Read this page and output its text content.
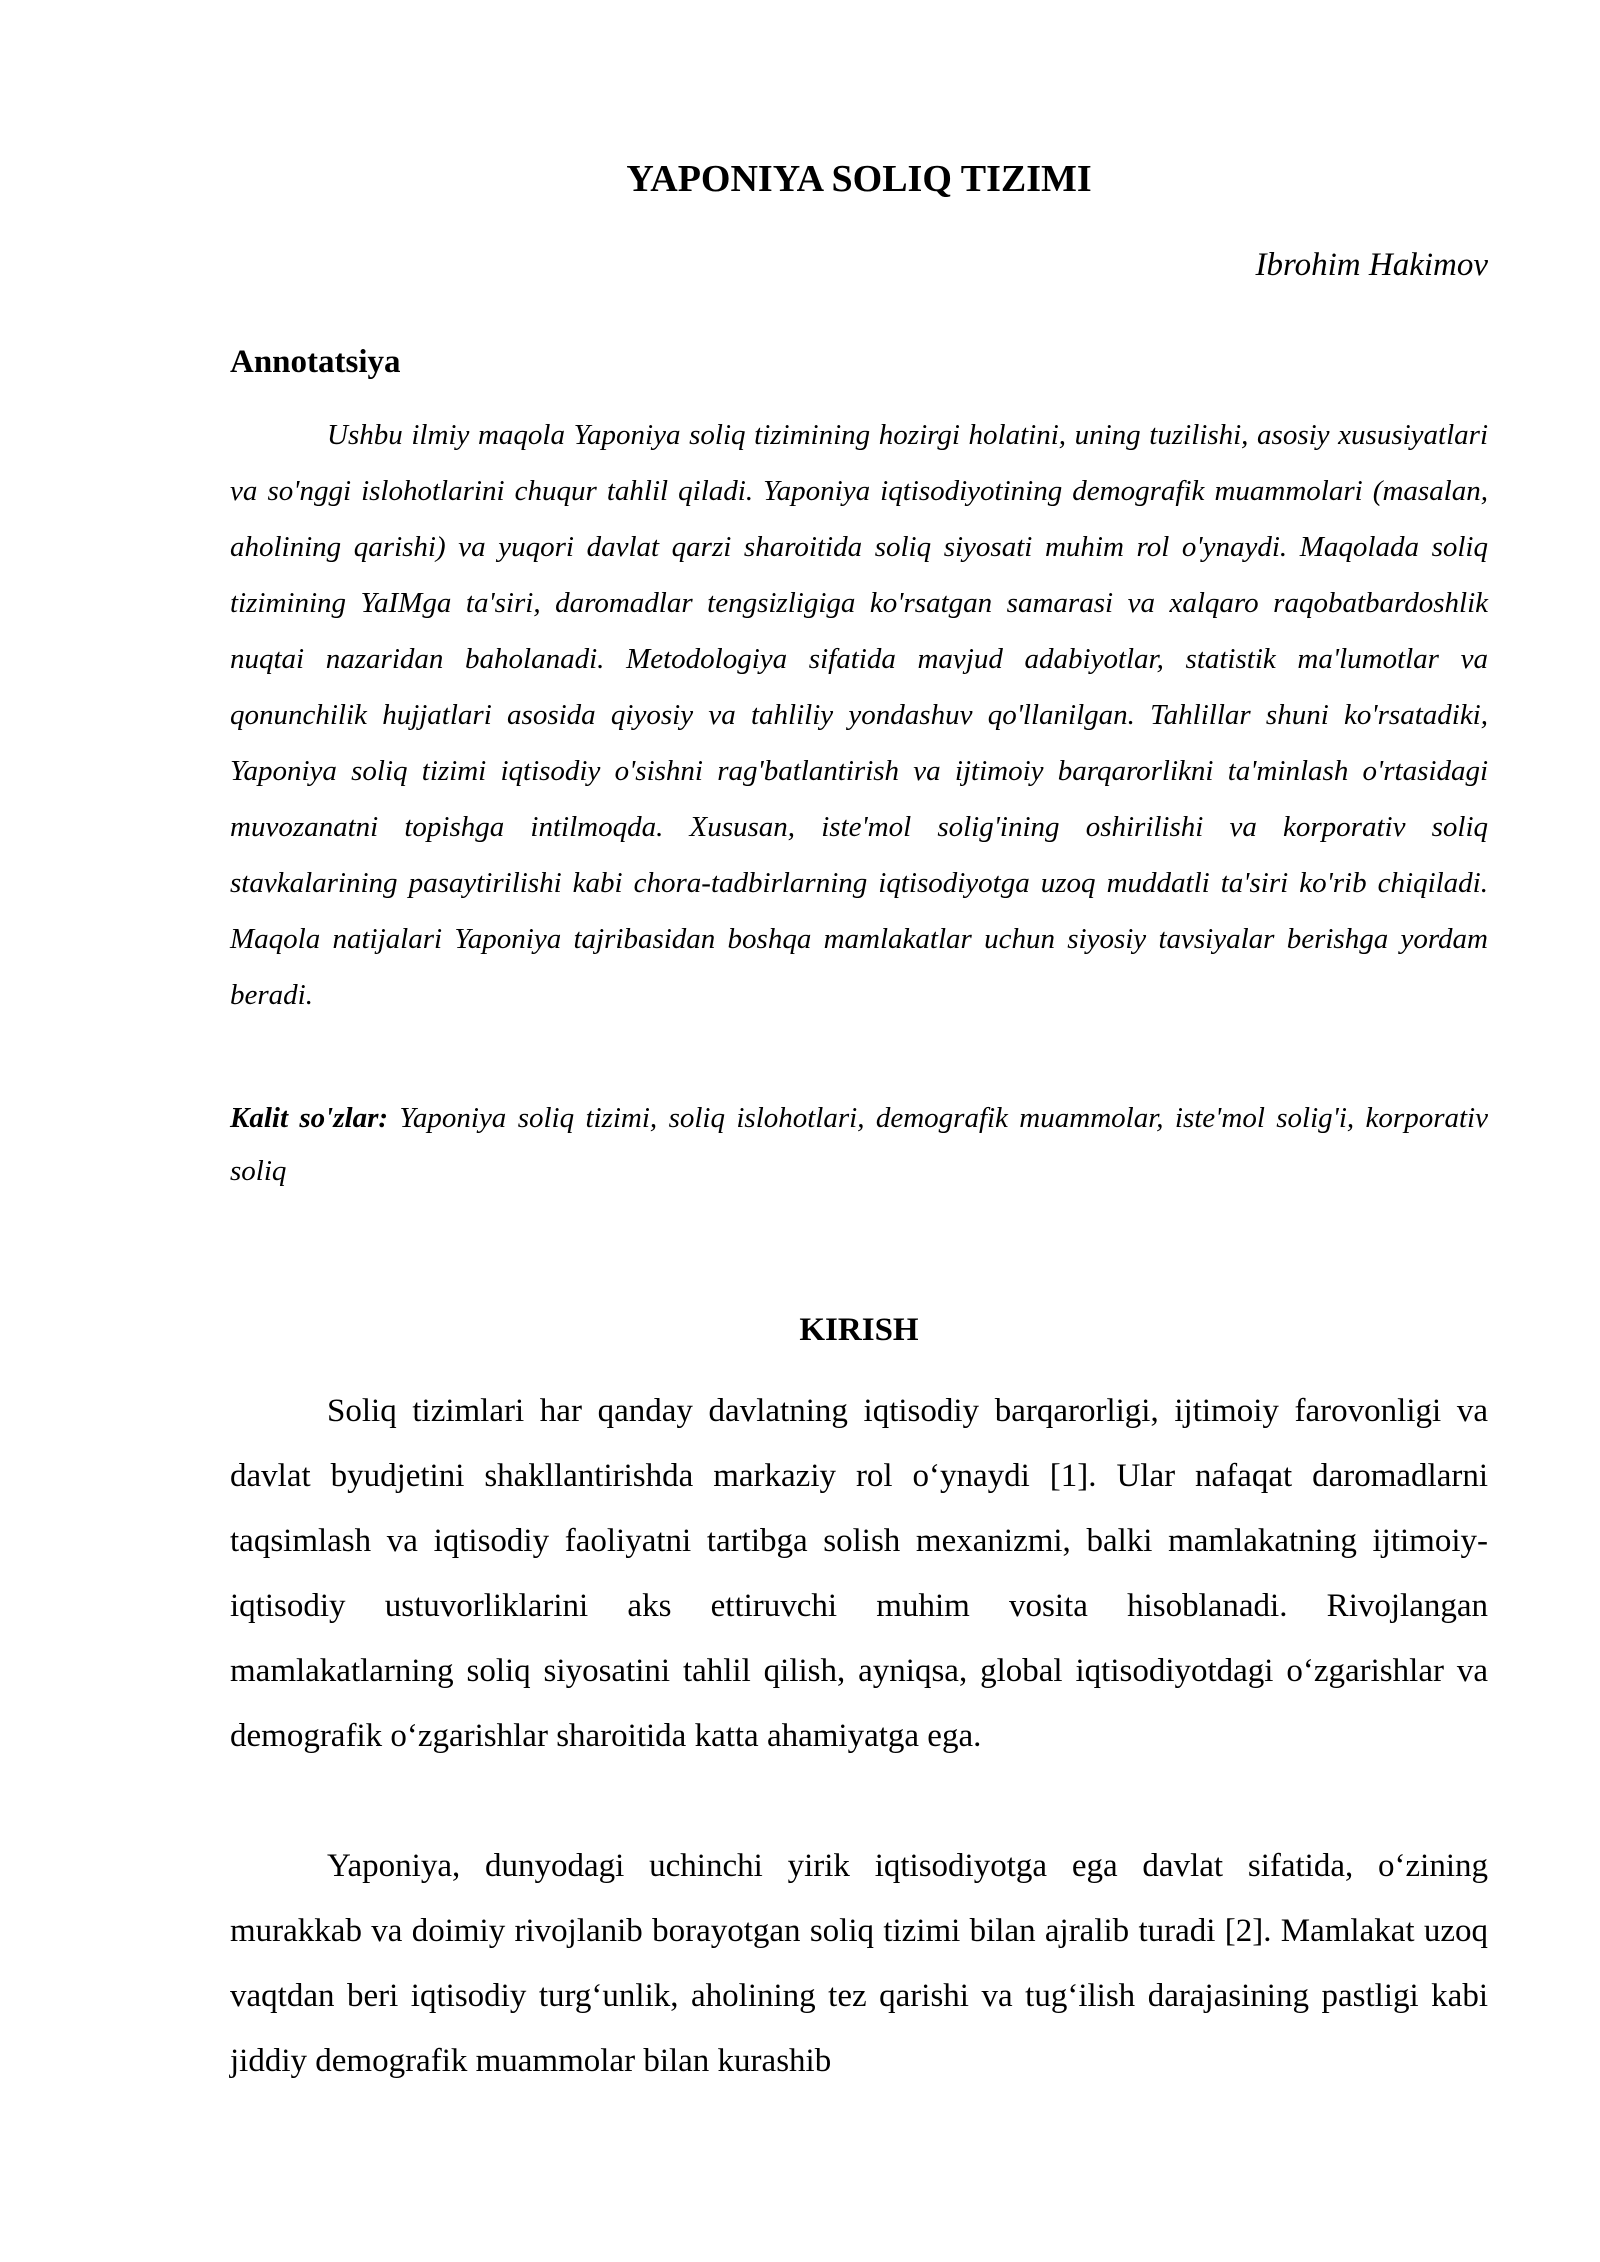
YAPONIYA SOLIQ TIZIMI
Ibrohim Hakimov
Annotatsiya

Ushbu ilmiy maqola Yaponiya soliq tizimining hozirgi holatini, uning tuzilishi, asosiy xususiyatlari va so'nggi islohotlarini chuqur tahlil qiladi. Yaponiya iqtisodiyotining demografik muammolari (masalan, aholining qarishi) va yuqori davlat qarzi sharoitida soliq siyosati muhim rol o'ynaydi. Maqolada soliq tizimining YaIMga ta'siri, daromadlar tengsizligiga ko'rsatgan samarasi va xalqaro raqobatbardoshlik nuqtai nazaridan baholanadi. Metodologiya sifatida mavjud adabiyotlar, statistik ma'lumotlar va qonunchilik hujjatlari asosida qiyosiy va tahliliy yondashuv qo'llanilgan. Tahlillar shuni ko'rsatadiki, Yaponiya soliq tizimi iqtisodiy o'sishni rag'batlantirish va ijtimoiy barqarorlikni ta'minlash o'rtasidagi muvozanatni topishga intilmoqda. Xususan, iste'mol solig'ining oshirilishi va korporativ soliq stavkalarining pasaytirilishi kabi chora-tadbirlarning iqtisodiyotga uzoq muddatli ta'siri ko'rib chiqiladi. Maqola natijalari Yaponiya tajribasidan boshqa mamlakatlar uchun siyosiy tavsiyalar berishga yordam beradi.

Kalit so'zlar: Yaponiya soliq tizimi, soliq islohotlari, demografik muammolar, iste'mol solig'i, korporativ soliq

KIRISH

Soliq tizimlari har qanday davlatning iqtisodiy barqarorligi, ijtimoiy farovonligi va davlat byudjetini shakllantirishda markaziy rol o‘ynaydi [1]. Ular nafaqat daromadlarni taqsimlash va iqtisodiy faoliyatni tartibga solish mexanizmi, balki mamlakatning ijtimoiy-iqtisodiy ustuvorliklarini aks ettiruvchi muhim vosita hisoblanadi. Rivojlangan mamlakatlarning soliq siyosatini tahlil qilish, ayniqsa, global iqtisodiyotdagi o‘zgarishlar va demografik o‘zgarishlar sharoitida katta ahamiyatga ega.

Yaponiya, dunyodagi uchinchi yirik iqtisodiyotga ega davlat sifatida, o‘zining murakkab va doimiy rivojlanib borayotgan soliq tizimi bilan ajralib turadi [2]. Mamlakat uzoq vaqtdan beri iqtisodiy turg‘unlik, aholining tez qarishi va tug‘ilish darajasining pastligi kabi jiddiy demografik muammolar bilan kurashib
